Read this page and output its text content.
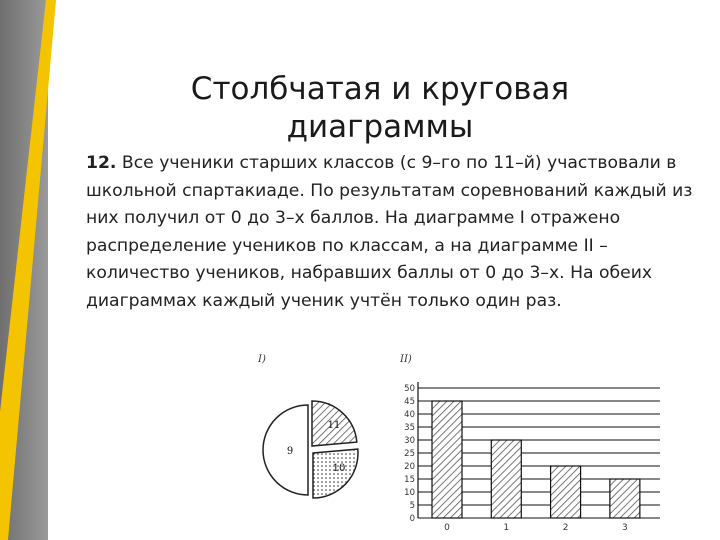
Столбчатая и круговая диаграммы
12. Все ученики старших классов (с 9–го по 11–й) участвовали в школьной спартакиаде. По результатам соревнований каждый из них получил от 0 до 3–х баллов. На диаграмме I отражено распределение учеников по классам, а на диаграмме II – количество учеников, набравших баллы от 0 до 3–х. На обеих диаграммах каждый ученик учтён только один раз.
I)	II)
9
11
10
50
45
40
35
30
25
20
15
10
5
0
0	1	2	3
